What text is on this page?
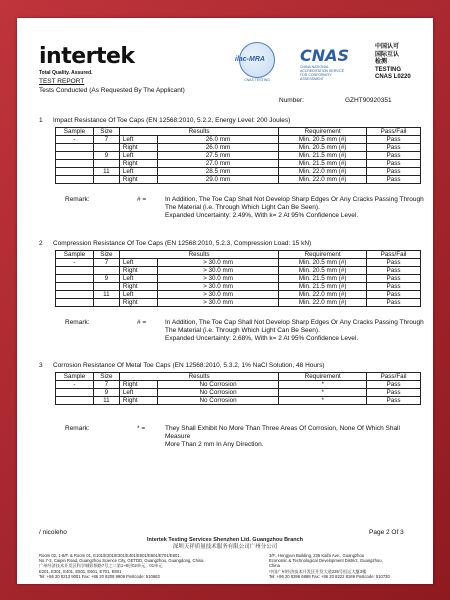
intertek
Total Quality. Assured.
TEST REPORT
Tests Conducted (As Requested By The Applicant)
ilac-MRA
CNAS TESTING
CNAS
CHINA NATIONAL ACCREDITATION SERVICE FOR CONFORMITY ASSESSMENT
中国认可
国际互认
检测
TESTING
CNAS L0220
Number:	GZHT90920351
1 Impact Resistance Of Toe Caps (EN 12568:2010, 5.2.2, Energy Level: 200 Joules)
Sample	Size	Results		Requirement	Pass/Fail
-	7	Left	26.0 mm	Min. 20.5 mm (#)	Pass
		Right	26.0 mm	Min. 20.5 mm (#)	Pass
	9	Left	27.5 mm	Min. 21.5 mm (#)	Pass
		Right	27.0 mm	Min. 21.5 mm (#)	Pass
	11	Left	28.5 mm	Min. 22.0 mm (#)	Pass
		Right	29.0 mm	Min. 22.0 mm (#)	Pass
Remark:	# =	In Addition, The Toe Cap Shall Not Develop Sharp Edges Or Any Cracks Passing Through
The Material (i.e. Through Which Light Can Be Seen).
Expanded Uncertainty: 2.49%, With k= 2 At 95% Confidence Level.
2 Compression Resistance Of Toe Caps (EN 12568:2010, 5.2.3, Compression Load: 15 kN)
Sample	Size	Results		Requirement	Pass/Fail
-	7	Left	> 30.0 mm	Min. 20.5 mm (#)	Pass
		Right	> 30.0 mm	Min. 20.5 mm (#)	Pass
	9	Left	> 30.0 mm	Min. 21.5 mm (#)	Pass
		Right	> 30.0 mm	Min. 21.5 mm (#)	Pass
	11	Left	> 30.0 mm	Min. 22.0 mm (#)	Pass
		Right	> 30.0 mm	Min. 22.0 mm (#)	Pass
Remark:	# =	In Addition, The Toe Cap Shall Not Develop Sharp Edges Or Any Cracks Passing Through
The Material (i.e. Through Which Light Can Be Seen).
Expanded Uncertainty: 2.68%, With k= 2 At 95% Confidence Level.
3 Corrosion Resistance Of Metal Toe Caps (EN 12568:2010, 5.3.2, 1% NaCl Solution, 48 Hours)
Sample	Size	Results		Requirement	Pass/Fail
-	7	Right	No Corrosion	*	Pass
	9	Left	No Corrosion	*	Pass
	11	Right	No Corrosion	*	Pass
Remark:	* =	They Shall Exhibit No More Than Three Areas Of Corrosion, None Of Which Shall Measure
More Than 2 mm In Any Direction.
/ nicoleho	Page 2 Of 3
Intertek Testing Services Shenzhen Ltd. Guangzhou Branch
深圳天祥质量技术服务有限公司广州分公司
Room 02, 1-8/F. & Room 01, E101/E201/E301/E401/E501/E601/E701/E801,
No.7-2, Caipin Road, Guangzhou Science City, GETDD, Guangzhou, Guangdong, China
广州经济技术开发区科学城彩频路7号之二第1~8层02单元，01单元
E201, E301, E401, E501, E601, E701, E801
Tel: +86 20 8213 9001 Fax: +86 20 8208 9909 Postcode: 510663
3/F., Hengyun Building, 235 Kaifa Ave., Guangzhou
Economic & Technological Development District, Guangzhou,
China
中国广州经济技术开发区开发大道235号恒运大厦3楼
Tel: +86 20 8396 6868 Fax: +86 20 8222 8169 Postcode: 510730
